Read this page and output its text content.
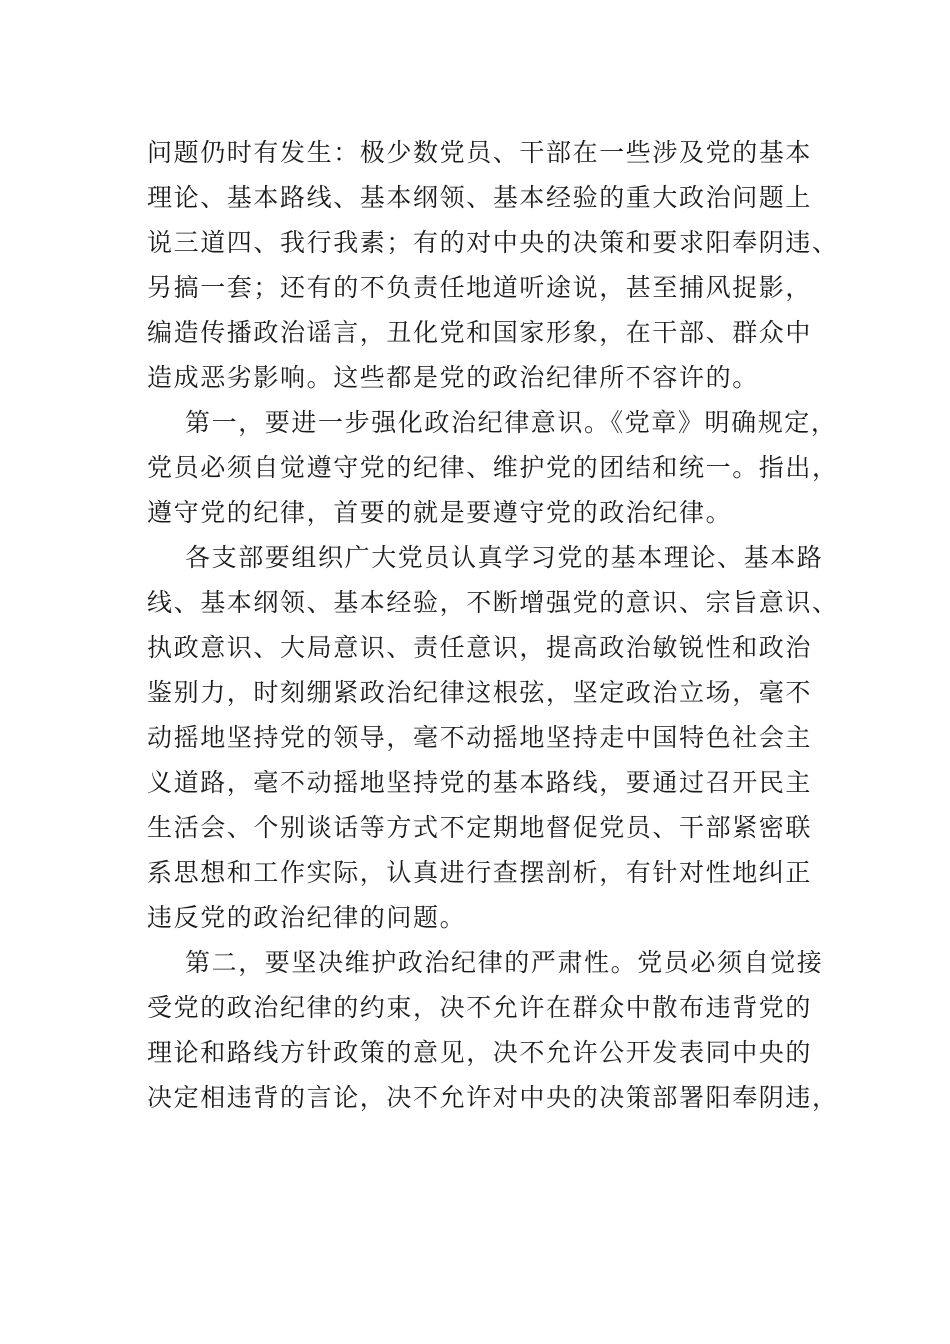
问题仍时有发生：极少数党员、干部在一些涉及党的基本
理论、基本路线、基本纲领、基本经验的重大政治问题上
说三道四、我行我素；有的对中央的决策和要求阳奉阴违、
另搞一套；还有的不负责任地道听途说，甚至捕风捉影，
编造传播政治谣言，丑化党和国家形象，在干部、群众中
造成恶劣影响。这些都是党的政治纪律所不容许的。
第一，要进一步强化政治纪律意识。《党章》明确规定，
党员必须自觉遵守党的纪律、维护党的团结和统一。指出，
遵守党的纪律，首要的就是要遵守党的政治纪律。
各支部要组织广大党员认真学习党的基本理论、基本路
线、基本纲领、基本经验，不断增强党的意识、宗旨意识、
执政意识、大局意识、责任意识，提高政治敏锐性和政治
鉴别力，时刻绷紧政治纪律这根弦，坚定政治立场，毫不
动摇地坚持党的领导，毫不动摇地坚持走中国特色社会主
义道路，毫不动摇地坚持党的基本路线，要通过召开民主
生活会、个别谈话等方式不定期地督促党员、干部紧密联
系思想和工作实际，认真进行查摆剖析，有针对性地纠正
违反党的政治纪律的问题。
第二，要坚决维护政治纪律的严肃性。党员必须自觉接
受党的政治纪律的约束，决不允许在群众中散布违背党的
理论和路线方针政策的意见，决不允许公开发表同中央的
决定相违背的言论，决不允许对中央的决策部署阳奉阴违，
